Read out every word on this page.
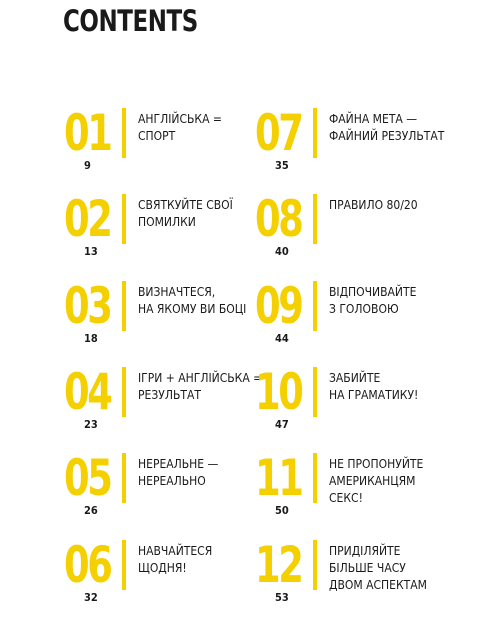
CONTENTS
01
9
АНГЛІЙСЬКА =
СПОРТ
02
13
СВЯТКУЙТЕ СВОЇ
ПОМИЛКИ
03
18
ВИЗНАЧТЕСЯ,
НА ЯКОМУ ВИ БОЦІ
04
23
ІГРИ + АНГЛІЙСЬКА =
РЕЗУЛЬТАТ
05
26
НЕРЕАЛЬНЕ —
НЕРЕАЛЬНО
06
32
НАВЧАЙТЕСЯ
ЩОДНЯ!
07
35
ФАЙНА МЕТА —
ФАЙНИЙ РЕЗУЛЬТАТ
08
40
ПРАВИЛО 80/20
09
44
ВІДПОЧИВАЙТЕ
З ГОЛОВОЮ
10
47
ЗАБИЙТЕ
НА ГРАМАТИКУ!
11
50
НЕ ПРОПОНУЙТЕ
АМЕРИКАНЦЯМ
СЕКС!
12
53
ПРИДІЛЯЙТЕ
БІЛЬШЕ ЧАСУ
ДВОМ АСПЕКТАМ
